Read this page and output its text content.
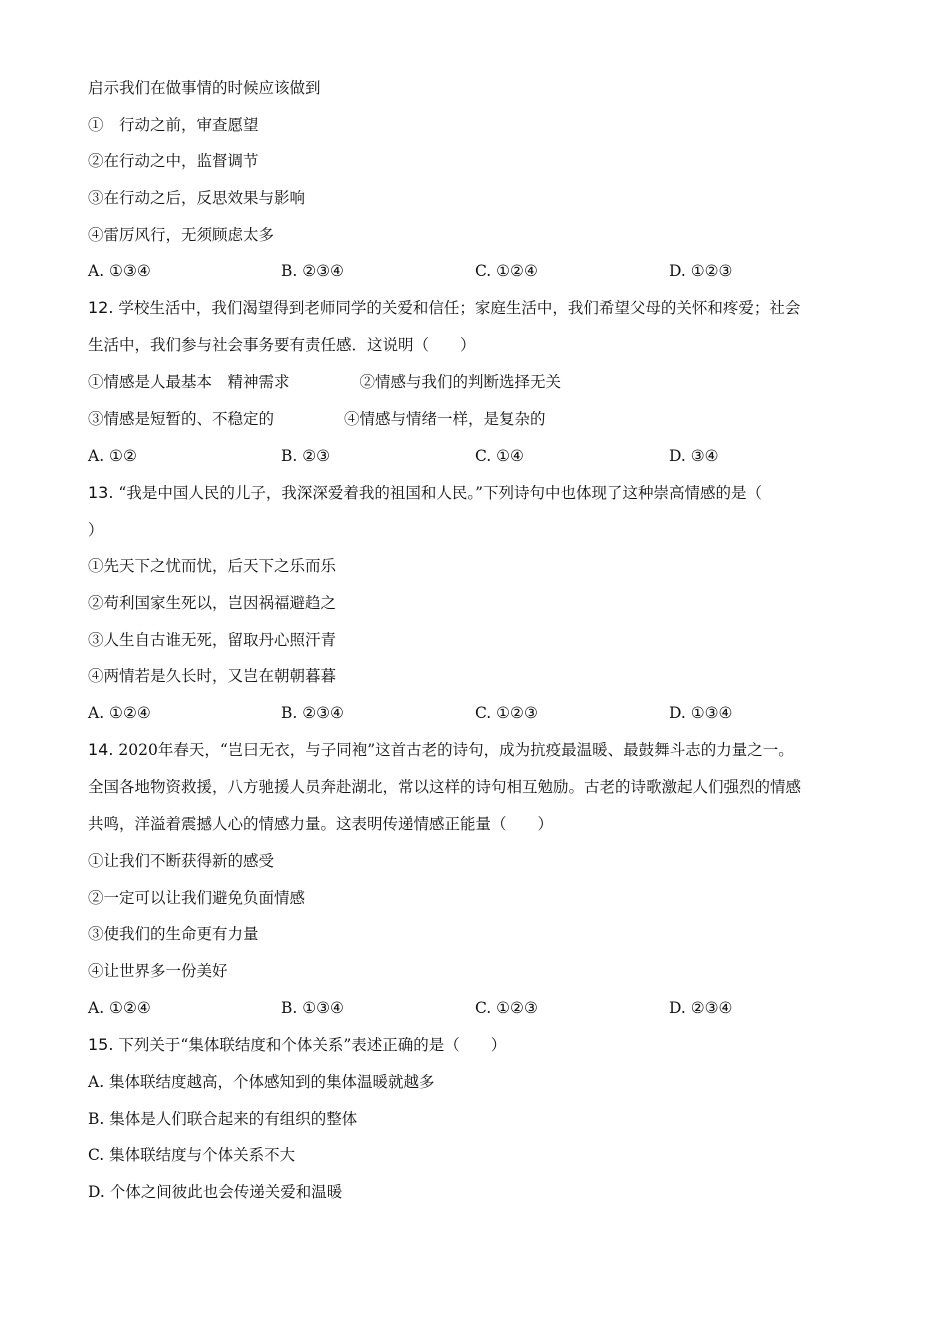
启示我们在做事情的时候应该做到
①　行动之前，审查愿望
②在行动之中，监督调节
③在行动之后，反思效果与影响
④雷厉风行，无须顾虑太多
A. ①③④	B. ②③④	C. ①②④	D. ①②③
12. 学校生活中，我们渴望得到老师同学的关爱和信任；家庭生活中，我们希望父母的关怀和疼爱；社会
生活中，我们参与社会事务要有责任感．这说明（　　）
①情感是人最基本　精神需求	②情感与我们的判断选择无关
③情感是短暂的、不稳定的	④情感与情绪一样，是复杂的
A. ①②	B. ②③	C. ①④	D. ③④
13. “我是中国人民的儿子，我深深爱着我的祖国和人民。”下列诗句中也体现了这种崇高情感的是（
）
①先天下之忧而忧，后天下之乐而乐
②苟利国家生死以，岂因祸福避趋之
③人生自古谁无死，留取丹心照汗青
④两情若是久长时，又岂在朝朝暮暮
A. ①②④	B. ②③④	C. ①②③	D. ①③④
14. 2020年春天，“岂曰无衣，与子同袍”这首古老的诗句，成为抗疫最温暖、最鼓舞斗志的力量之一。
全国各地物资救援，八方驰援人员奔赴湖北，常以这样的诗句相互勉励。古老的诗歌激起人们强烈的情感
共鸣，洋溢着震撼人心的情感力量。这表明传递情感正能量（　　）
①让我们不断获得新的感受
②一定可以让我们避免负面情感
③使我们的生命更有力量
④让世界多一份美好
A. ①②④	B. ①③④	C. ①②③	D. ②③④
15. 下列关于“集体联结度和个体关系”表述正确的是（　　）
A. 集体联结度越高，个体感知到的集体温暖就越多
B. 集体是人们联合起来的有组织的整体
C. 集体联结度与个体关系不大
D. 个体之间彼此也会传递关爱和温暖
